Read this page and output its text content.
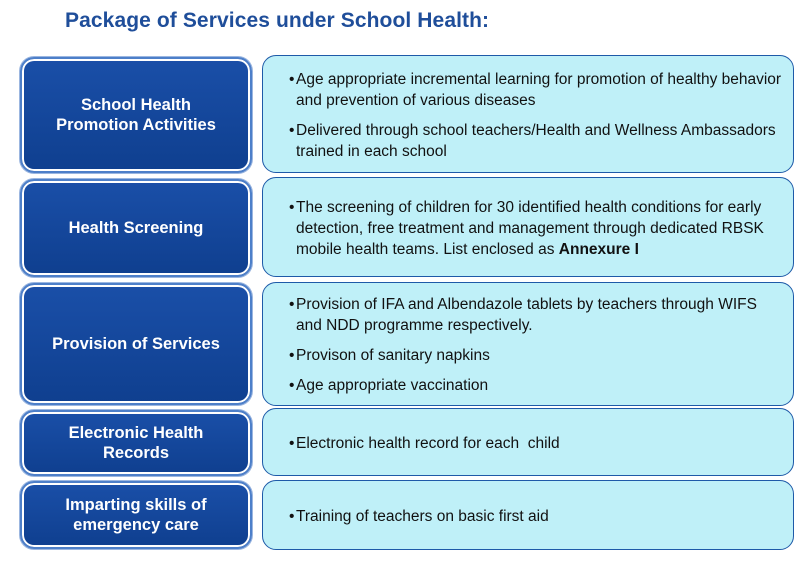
Package of Services under School Health:
School Health Promotion Activities
• Age appropriate incremental learning for promotion of healthy behavior and prevention of various diseases
• Delivered through school teachers/Health and Wellness Ambassadors trained in each school
Health Screening
• The screening of children for 30 identified health conditions for early detection, free treatment and management through dedicated RBSK mobile health teams. List enclosed as Annexure I
Provision of Services
• Provision of IFA and Albendazole tablets by teachers through WIFS and NDD programme respectively.
• Provison of sanitary napkins
• Age appropriate vaccination
Electronic Health Records
• Electronic health record for each  child
Imparting skills of emergency care	• Training of teachers on basic first aid
